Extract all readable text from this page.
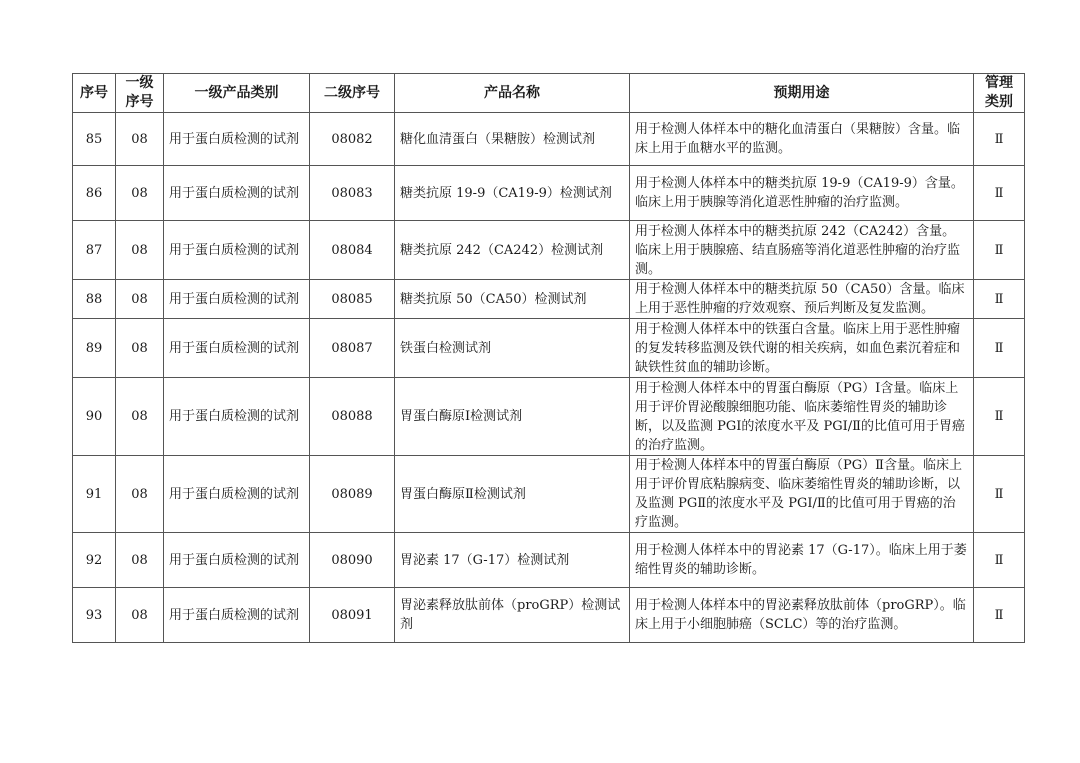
序号	一级序号	一级产品类别	二级序号	产品名称	预期用途	管理类别
85	08	用于蛋白质检测的试剂	08082	糖化血清蛋白（果糖胺）检测试剂	用于检测人体样本中的糖化血清蛋白（果糖胺）含量。临床上用于血糖水平的监测。	Ⅱ
86	08	用于蛋白质检测的试剂	08083	糖类抗原 19-9（CA19-9）检测试剂	用于检测人体样本中的糖类抗原 19-9（CA19-9）含量。临床上用于胰腺等消化道恶性肿瘤的治疗监测。	Ⅱ
87	08	用于蛋白质检测的试剂	08084	糖类抗原 242（CA242）检测试剂	用于检测人体样本中的糖类抗原 242（CA242）含量。临床上用于胰腺癌、结直肠癌等消化道恶性肿瘤的治疗监测。	Ⅱ
88	08	用于蛋白质检测的试剂	08085	糖类抗原 50（CA50）检测试剂	用于检测人体样本中的糖类抗原 50（CA50）含量。临床上用于恶性肿瘤的疗效观察、预后判断及复发监测。	Ⅱ
89	08	用于蛋白质检测的试剂	08087	铁蛋白检测试剂	用于检测人体样本中的铁蛋白含量。临床上用于恶性肿瘤的复发转移监测及铁代谢的相关疾病，如血色素沉着症和缺铁性贫血的辅助诊断。	Ⅱ
90	08	用于蛋白质检测的试剂	08088	胃蛋白酶原Ⅰ检测试剂	用于检测人体样本中的胃蛋白酶原（PG）Ⅰ含量。临床上用于评价胃泌酸腺细胞功能、临床萎缩性胃炎的辅助诊断，以及监测 PGⅠ的浓度水平及 PGⅠ/Ⅱ的比值可用于胃癌的治疗监测。	Ⅱ
91	08	用于蛋白质检测的试剂	08089	胃蛋白酶原Ⅱ检测试剂	用于检测人体样本中的胃蛋白酶原（PG）Ⅱ含量。临床上用于评价胃底粘腺病变、临床萎缩性胃炎的辅助诊断，以及监测 PGⅡ的浓度水平及 PGⅠ/Ⅱ的比值可用于胃癌的治疗监测。	Ⅱ
92	08	用于蛋白质检测的试剂	08090	胃泌素 17（G-17）检测试剂	用于检测人体样本中的胃泌素 17（G-17）。临床上用于萎缩性胃炎的辅助诊断。	Ⅱ
93	08	用于蛋白质检测的试剂	08091	胃泌素释放肽前体（proGRP）检测试剂	用于检测人体样本中的胃泌素释放肽前体（proGRP）。临床上用于小细胞肺癌（SCLC）等的治疗监测。	Ⅱ
